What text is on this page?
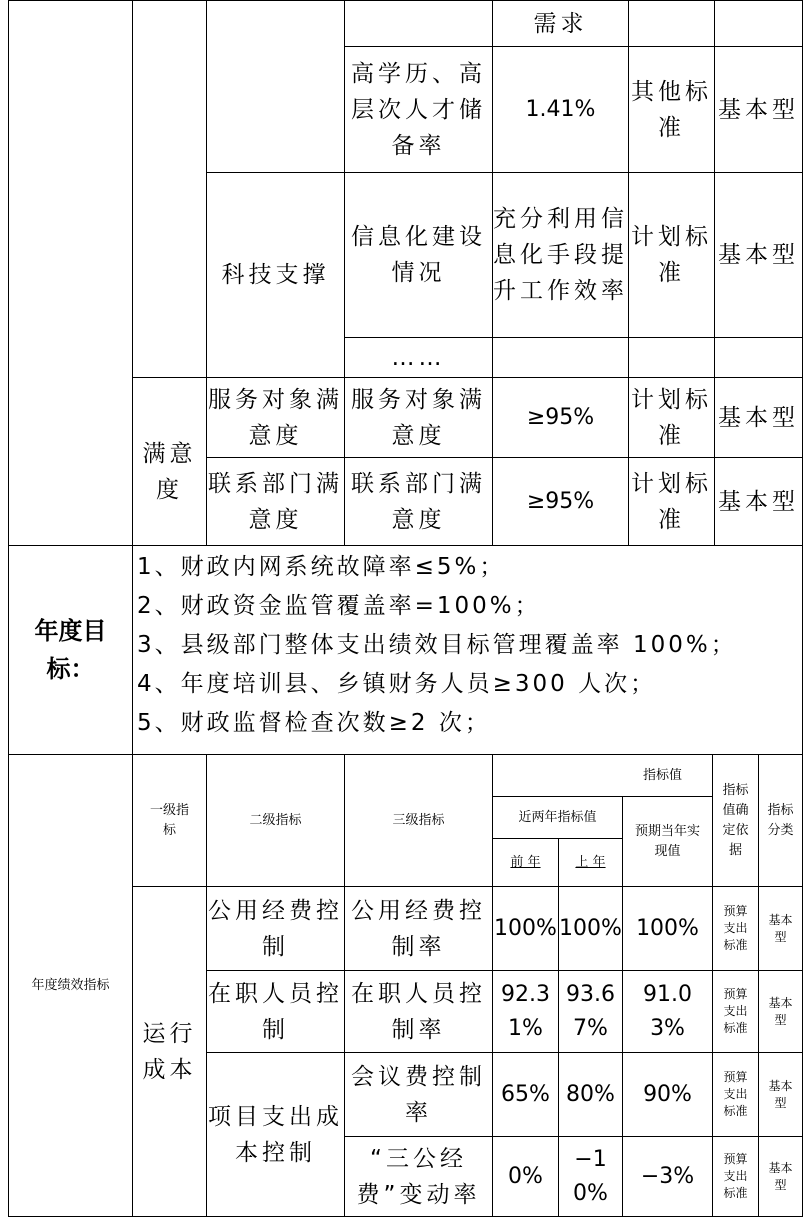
				需求		
			高学历、高层次人才储备率	1.41%	其他标准	基本型
		科技支撑	信息化建设情况	充分利用信息化手段提升工作效率	计划标准	基本型
			……			
	满意度	服务对象满意度	服务对象满意度	≥95%	计划标准	基本型
		联系部门满意度	联系部门满意度	≥95%	计划标准	基本型
年度目标：	
1、财政内网系统故障率≤5%；
2、财政资金监管覆盖率=100%；
3、县级部门整体支出绩效目标管理覆盖率 100%；
4、年度培训县、乡镇财务人员≥300 人次；
5、财政监督检查次数≥2 次；
年度绩效指标	一级指标	二级指标	三级指标	指标值			指标值确定依据	指标分类
				近两年指标值		预期当年实现值		
				前 年	上 年			
	运行成本	公用经费控制	公用经费控制率	100%	100%	100%	预算支出标准	基本型
		在职人员控制	在职人员控制率	92.31%	93.67%	91.03%	预算支出标准	基本型
		项目支出成本控制	会议费控制率	65%	80%	90%	预算支出标准	基本型
			“三公经费”变动率	0%	−10%	−3%	预算支出标准	基本型
